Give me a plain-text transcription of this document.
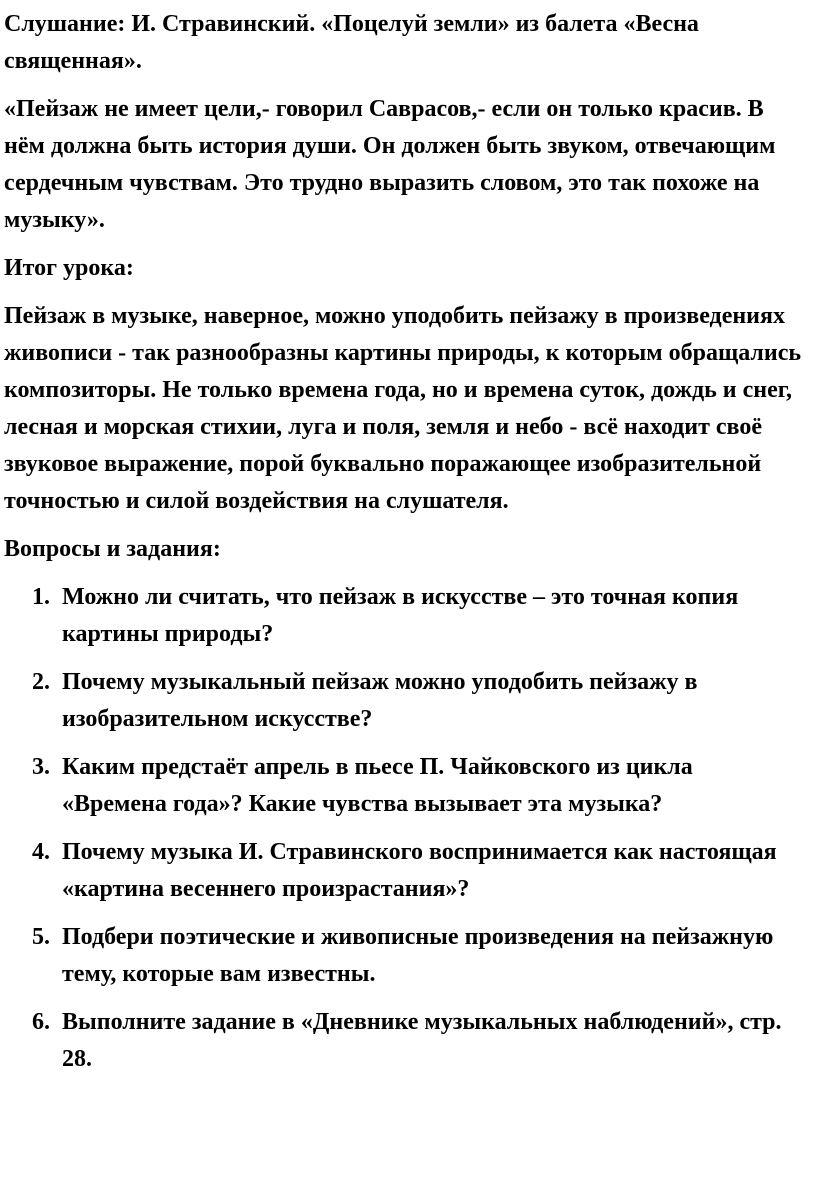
Слушание: И. Стравинский. «Поцелуй земли» из балета «Весна священная».

«Пейзаж не имеет цели,- говорил Саврасов,- если он только красив. В нём должна быть история души. Он должен быть звуком, отвечающим сердечным чувствам. Это трудно выразить словом, это так похоже на музыку».

Итог урока:

Пейзаж в музыке, наверное, можно уподобить пейзажу в произведениях живописи - так разнообразны картины природы, к которым обращались композиторы. Не только времена года, но и времена суток, дождь и снег, лесная и морская стихии, луга и поля, земля и небо - всё находит своё звуковое выражение, порой буквально поражающее изобразительной точностью и силой воздействия на слушателя.

Вопросы и задания:

1. Можно ли считать, что пейзаж в искусстве – это точная копия картины природы?
2. Почему музыкальный пейзаж можно уподобить пейзажу в изобразительном искусстве?
3. Каким предстаёт апрель в пьесе П. Чайковского из цикла «Времена года»? Какие чувства вызывает эта музыка?
4. Почему музыка И. Стравинского воспринимается как настоящая «картина весеннего произрастания»?
5. Подбери поэтические и живописные произведения на пейзажную тему, которые вам известны.
6. Выполните задание в «Дневнике музыкальных наблюдений», стр. 28.
